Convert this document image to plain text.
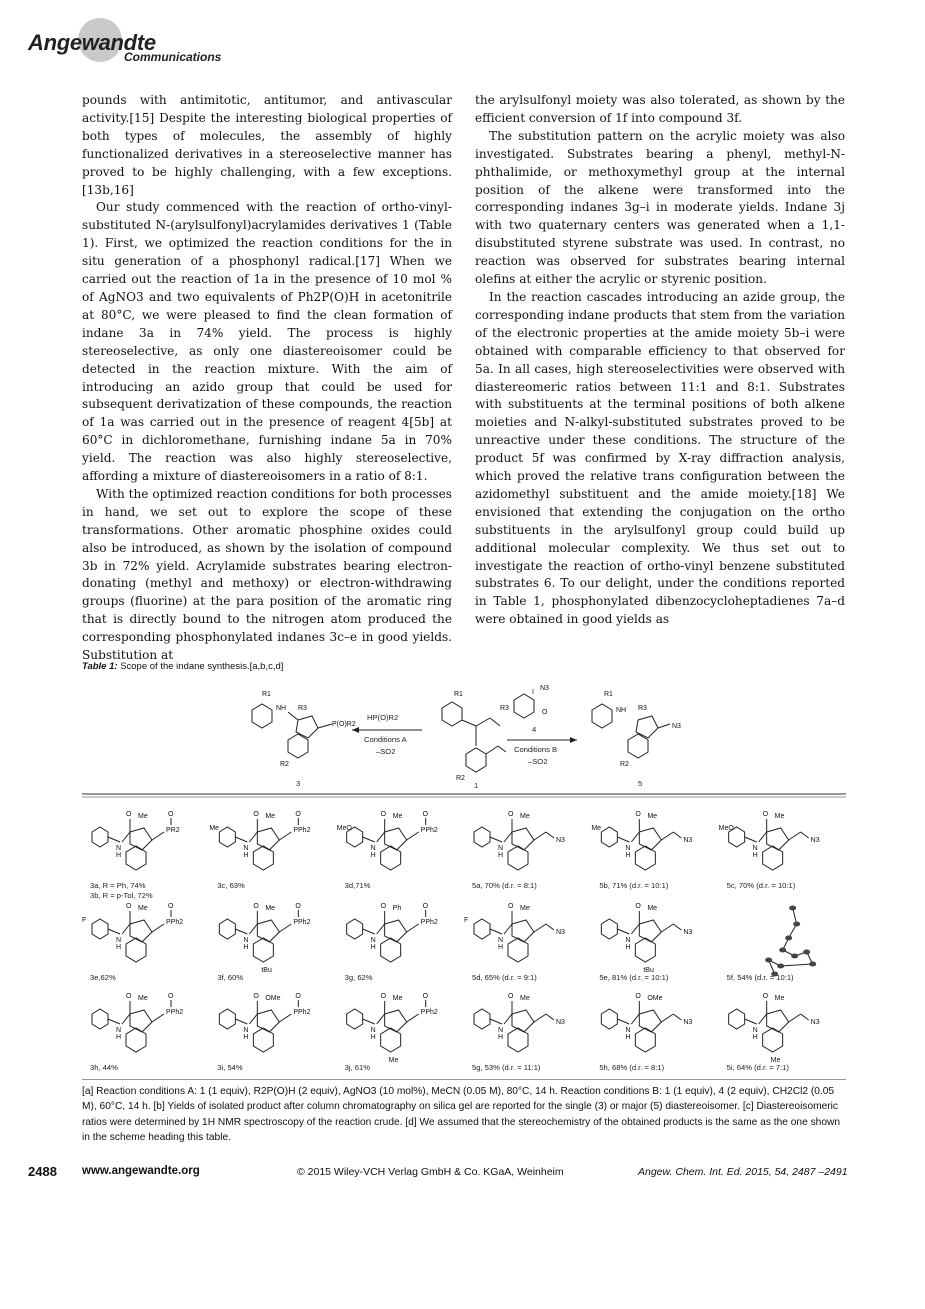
Angewandte
Communications

pounds with antimitotic, antitumor, and antivascular activity.[15] Despite the interesting biological properties of both types of molecules, the assembly of highly functionalized derivatives in a stereoselective manner has proved to be highly challenging, with a few exceptions.[13b,16]

Our study commenced with the reaction of ortho-vinyl-substituted N-(arylsulfonyl)acrylamides derivatives 1 (Table 1). First, we optimized the reaction conditions for the in situ generation of a phosphonyl radical.[17] When we carried out the reaction of 1a in the presence of 10 mol % of AgNO3 and two equivalents of Ph2P(O)H in acetonitrile at 80°C, we were pleased to find the clean formation of indane 3a in 74% yield. The process is highly stereoselective, as only one diastereoisomer could be detected in the reaction mixture. With the aim of introducing an azido group that could be used for subsequent derivatization of these compounds, the reaction of 1a was carried out in the presence of reagent 4[5b] at 60°C in dichloromethane, furnishing indane 5a in 70% yield. The reaction was also highly stereoselective, affording a mixture of diastereoisomers in a ratio of 8:1.

With the optimized reaction conditions for both processes in hand, we set out to explore the scope of these transformations. Other aromatic phosphine oxides could also be introduced, as shown by the isolation of compound 3b in 72% yield. Acrylamide substrates bearing electron-donating (methyl and methoxy) or electron-withdrawing groups (fluorine) at the para position of the aromatic ring that is directly bound to the nitrogen atom produced the corresponding phosphonylated indanes 3c–e in good yields. Substitution at

the arylsulfonyl moiety was also tolerated, as shown by the efficient conversion of 1f into compound 3f.

The substitution pattern on the acrylic moiety was also investigated. Substrates bearing a phenyl, methyl-N-phthalimide, or methoxymethyl group at the internal position of the alkene were transformed into the corresponding indanes 3g–i in moderate yields. Indane 3j with two quaternary centers was generated when a 1,1-disubstituted styrene substrate was used. In contrast, no reaction was observed for substrates bearing internal olefins at either the acrylic or styrenic position.

In the reaction cascades introducing an azide group, the corresponding indane products that stem from the variation of the electronic properties at the amide moiety 5b–i were obtained with comparable efficiency to that observed for 5a. In all cases, high stereoselectivities were observed with diastereomeric ratios between 11:1 and 8:1. Substrates with substituents at the terminal positions of both alkene moieties and N-alkyl-substituted substrates proved to be unreactive under these conditions. The structure of the product 5f was confirmed by X-ray diffraction analysis, which proved the relative trans configuration between the azidomethyl substituent and the amide moiety.[18] We envisioned that extending the conjugation on the ortho substituents in the arylsulfonyl group could build up additional molecular complexity. We thus set out to investigate the reaction of ortho-vinyl benzene substituted substrates 6. To our delight, under the conditions reported in Table 1, phosphonylated dibenzocycloheptadienes 7a–d were obtained in good yields as

Table 1: Scope of the indane synthesis.[a,b,c,d]
R1
NH R3
P(O)R2
R2
3
HP(O)R2
Conditions A
–SO2
R1
R3
R2
1
I
N3
O
4
Conditions B
–SO2
R1
NH R3
N3
R2
5
N
H
O Me
PR2
O
3a, R = Ph, 74%
3b, R = p-Tol, 72%
Me
N
H
O Me
PPh2
O
3c, 63%
MeO
N
H
O Me
PPh2
O
3d,71%
N
H
O Me
N3
5a, 70% (d.r. = 8:1)
Me
N
H
O Me
N3
5b, 71% (d.r. = 10:1)
MeO
N
H
O Me
N3
5c, 70% (d.r. = 10:1)
F
N
H
O Me
PPh2
O
3e,62%
N
H
O Me
tBu
PPh2
O
3f, 60%
N
H
O Ph
PPh2
O
3g, 62%
F
N
H
O Me
N3
5d, 65% (d.r. = 9:1)
N
H
O Me
tBu
N3
5e, 81% (d.r. = 10:1)	5f, 54% (d.r. = 10:1)
N
H
O Me
PPh2
O
3h, 44%
N
H
O OMe
PPh2
O
3i, 54%
N
H
O Me
Me
PPh2
O
3j, 61%
N
H
O Me
N3
5g, 53% (d.r. = 11:1)
N
H
O OMe
N3
5h, 68% (d.r. = 8:1)
N
H
O Me
Me
N3
5i, 64% (d.r. = 7:1)
[a] Reaction conditions A: 1 (1 equiv), R2P(O)H (2 equiv), AgNO3 (10 mol%), MeCN (0.05 M), 80°C, 14 h. Reaction conditions B: 1 (1 equiv), 4 (2 equiv), CH2Cl2 (0.05 M), 60°C, 14 h. [b] Yields of isolated product after column chromatography on silica gel are reported for the single (3) or major (5) diastereoisomer. [c] Diastereoisomeric ratios were determined by 1H NMR spectroscopy of the reaction crude. [d] We assumed that the stereochemistry of the obtained products is the same as the one shown in the scheme heading this table.
2488 www.angewandte.org	© 2015 Wiley-VCH Verlag GmbH & Co. KGaA, Weinheim	Angew. Chem. Int. Ed. 2015, 54, 2487 –2491
